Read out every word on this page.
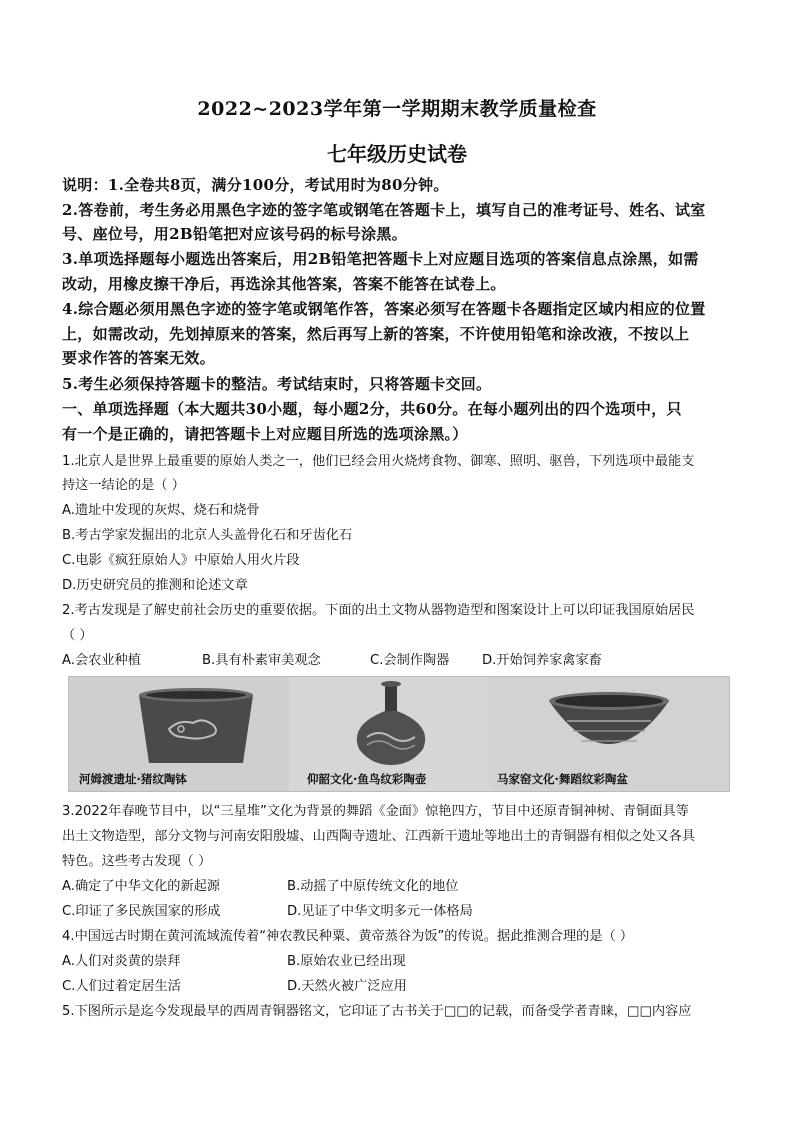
2022~2023学年第一学期期末教学质量检查
七年级历史试卷
说明：1.全卷共8页，满分100分，考试用时为80分钟。
2.答卷前，考生务必用黑色字迹的签字笔或钢笔在答题卡上，填写自己的准考证号、姓名、试室
号、座位号，用2B铅笔把对应该号码的标号涂黑。
3.单项选择题每小题选出答案后，用2B铅笔把答题卡上对应题目选项的答案信息点涂黑，如需
改动，用橡皮擦干净后，再选涂其他答案，答案不能答在试卷上。
4.综合题必须用黑色字迹的签字笔或钢笔作答，答案必须写在答题卡各题指定区域内相应的位置
上，如需改动，先划掉原来的答案，然后再写上新的答案，不许使用铅笔和涂改液，不按以上
要求作答的答案无效。
5.考生必须保持答题卡的整洁。考试结束时，只将答题卡交回。
一、单项选择题（本大题共30小题，每小题2分，共60分。在每小题列出的四个选项中，只
有一个是正确的，请把答题卡上对应题目所选的选项涂黑。）
1.北京人是世界上最重要的原始人类之一，他们已经会用火烧烤食物、御寒、照明、驱兽，下列选项中最能支
持这一结论的是（ ）
A.遗址中发现的灰烬、烧石和烧骨
B.考古学家发掘出的北京人头盖骨化石和牙齿化石
C.电影《疯狂原始人》中原始人用火片段
D.历史研究员的推测和论述文章
2.考古发现是了解史前社会历史的重要依据。下面的出土文物从器物造型和图案设计上可以印证我国原始居民
（ ）
A.会农业种植	B.具有朴素审美观念	C.会制作陶器 D.开始饲养家禽家畜
河姆渡遗址·猪纹陶钵	仰韶文化·鱼鸟纹彩陶壶	马家窑文化·舞蹈纹彩陶盆
3.2022年春晚节目中，以“三星堆”文化为背景的舞蹈《金面》惊艳四方，节目中还原青铜神树、青铜面具等
出土文物造型，部分文物与河南安阳殷墟、山西陶寺遗址、江西新干遗址等地出土的青铜器有相似之处又各具
特色。这些考古发现（ ）
A.确定了中华文化的新起源	B.动摇了中原传统文化的地位
C.印证了多民族国家的形成	D.见证了中华文明多元一体格局
4.中国远古时期在黄河流域流传着“神农教民种粟、黄帝蒸谷为饭”的传说。据此推测合理的是（ ）
A.人们对炎黄的崇拜	B.原始农业已经出现
C.人们过着定居生活	D.天然火被广泛应用
5.下图所示是迄今发现最早的西周青铜器铭文，它印证了古书关于□□的记载，而备受学者青睐，□□内容应
